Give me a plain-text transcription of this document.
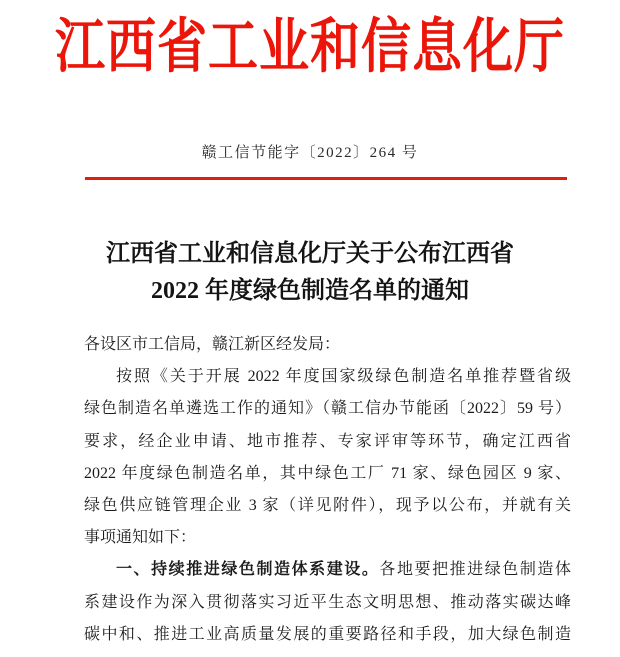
江西省工业和信息化厅
赣工信节能字〔2022〕264 号
江西省工业和信息化厅关于公布江西省
2022 年度绿色制造名单的通知
各设区市工信局，赣江新区经发局：
按照《关于开展 2022 年度国家级绿色制造名单推荐暨省级
绿色制造名单遴选工作的通知》（赣工信办节能函〔2022〕59 号）
要求，经企业申请、地市推荐、专家评审等环节，确定江西省
2022 年度绿色制造名单，其中绿色工厂 71 家、绿色园区 9 家、
绿色供应链管理企业 3 家（详见附件），现予以公布，并就有关
事项通知如下：
一、持续推进绿色制造体系建设。各地要把推进绿色制造体
系建设作为深入贯彻落实习近平生态文明思想、推动落实碳达峰
碳中和、推进工业高质量发展的重要路径和手段，加大绿色制造
